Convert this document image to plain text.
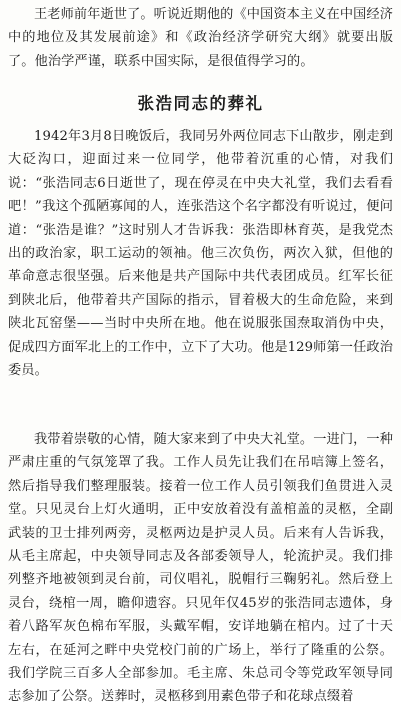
王老师前年逝世了。听说近期他的《中国资本主义在中国经济中的地位及其发展前途》和《政治经济学研究大纲》就要出版了。他治学严谨，联系中国实际，是很值得学习的。

张浩同志的葬礼

1942年3月8日晚饭后，我同另外两位同志下山散步，刚走到大砭沟口，迎面过来一位同学，他带着沉重的心情，对我们说：“张浩同志6日逝世了，现在停灵在中央大礼堂，我们去看看吧！”我这个孤陋寡闻的人，连张浩这个名字都没有听说过，便问道：“张浩是谁？”这时别人才告诉我：张浩即林育英，是我党杰出的政治家，职工运动的领袖。他三次负伤，两次入狱，但他的革命意志很坚强。后来他是共产国际中共代表团成员。红军长征到陕北后，他带着共产国际的指示，冒着极大的生命危险，来到陕北瓦窑堡——当时中央所在地。他在说服张国焘取消伪中央，促成四方面军北上的工作中，立下了大功。他是129师第一任政治委员。

我带着崇敬的心情，随大家来到了中央大礼堂。一进门，一种严肃庄重的气氛笼罩了我。工作人员先让我们在吊唁簿上签名，然后指导我们整理服装。接着一位工作人员引领我们鱼贯进入灵堂。只见灵台上灯火通明，正中安放着没有盖棺盖的灵柩，全副武装的卫士排列两旁，灵柩两边是护灵人员。后来有人告诉我，从毛主席起，中央领导同志及各部委领导人，轮流护灵。我们排列整齐地被领到灵台前，司仪唱礼，脱帽行三鞠躬礼。然后登上灵台，绕棺一周，瞻仰遗容。只见年仅45岁的张浩同志遗体，身着八路军灰色棉布军服，头戴军帽，安详地躺在棺内。过了十天左右，在延河之畔中央党校门前的广场上，举行了隆重的公祭。我们学院三百多人全部参加。毛主席、朱总司令等党政军领导同志参加了公祭。送葬时，灵柩移到用素色带子和花球点缀着
